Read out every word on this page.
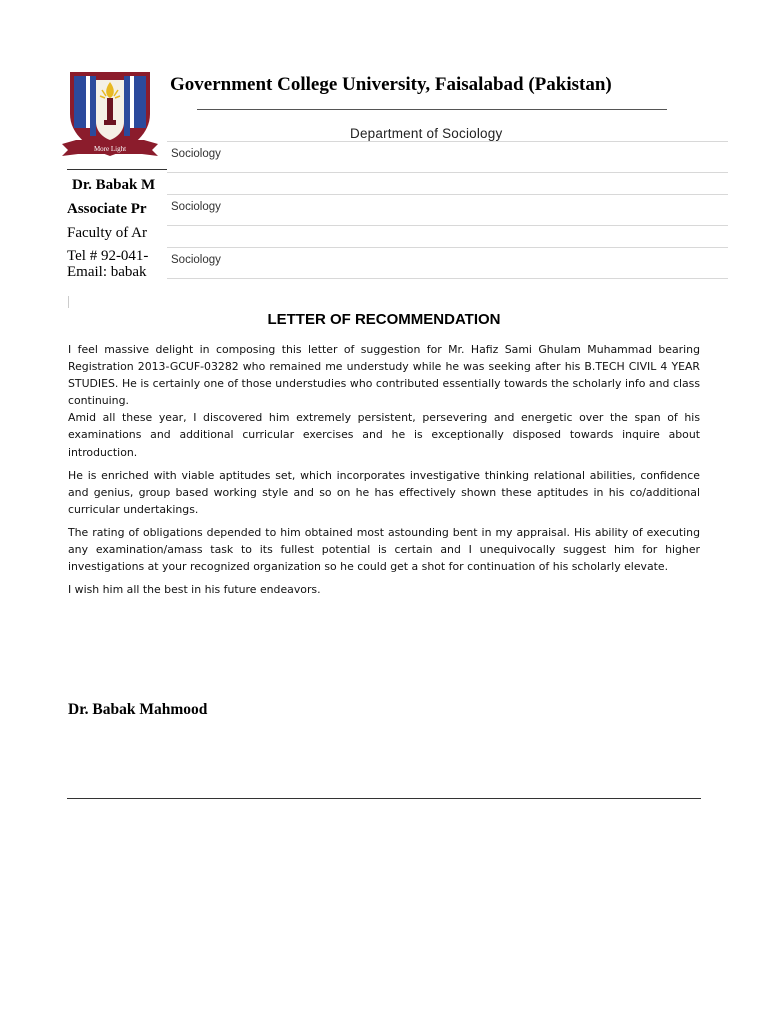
More Light
Government College University, Faisalabad (Pakistan)
Department of Sociology
Dr. Babak M
Associate Pr
Faculty of Ar
Tel # 92-041-
Email: babak
Sociology
Sociology
Sociology
LETTER OF RECOMMENDATION

I feel massive delight in composing this letter of suggestion for Mr. Hafiz Sami Ghulam Muhammad bearing Registration 2013-GCUF-03282 who remained me understudy while he was seeking after his B.TECH CIVIL 4 YEAR STUDIES. He is certainly one of those understudies who contributed essentially towards the scholarly info and class continuing.

Amid all these year, I discovered him extremely persistent, persevering and energetic over the span of his examinations and additional curricular exercises and he is exceptionally disposed towards inquire about introduction.

He is enriched with viable aptitudes set, which incorporates investigative thinking relational abilities, confidence and genius, group based working style and so on he has effectively shown these aptitudes in his co/additional curricular undertakings.

The rating of obligations depended to him obtained most astounding bent in my appraisal. His ability of executing any examination/amass task to its fullest potential is certain and I unequivocally suggest him for higher investigations at your recognized organization so he could get a shot for continuation of his scholarly elevate.

I wish him all the best in his future endeavors.

Dr. Babak Mahmood
